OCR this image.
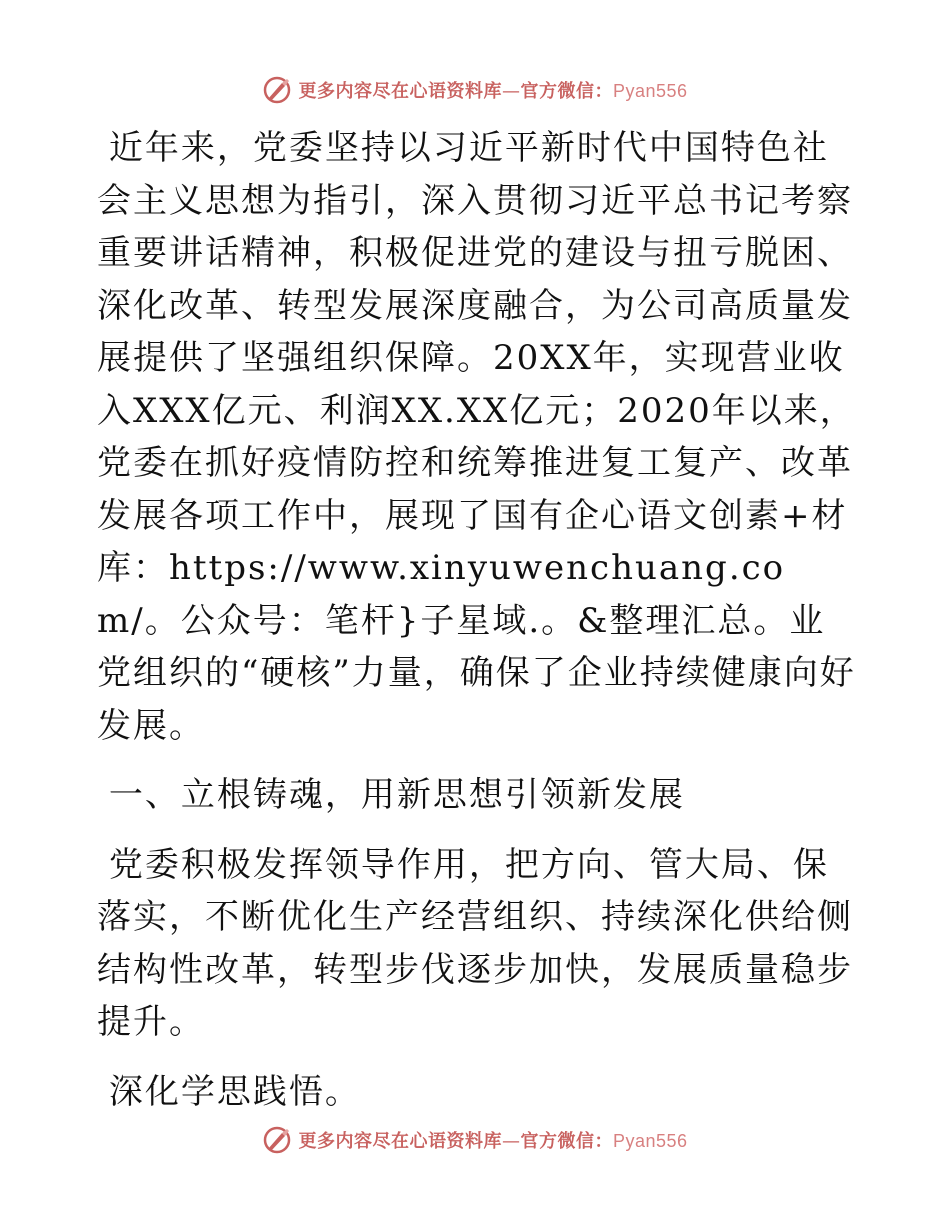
更多内容尽在心语资料库—官方微信：Pyan556

近年来，党委坚持以习近平新时代中国特色社会主义思想为指引，深入贯彻习近平总书记考察重要讲话精神，积极促进党的建设与扭亏脱困、深化改革、转型发展深度融合，为公司高质量发展提供了坚强组织保障。20XX年，实现营业收入XXX亿元、利润XX.XX亿元；2020年以来，党委在抓好疫情防控和统筹推进复工复产、改革发展各项工作中，展现了国有企心语文创素+材库：https://www.xinyuwenchuang.com/。公众号：笔杆}子星域.。&整理汇总。业党组织的“硬核”力量，确保了企业持续健康向好发展。

一、立根铸魂，用新思想引领新发展

党委积极发挥领导作用，把方向、管大局、保落实，不断优化生产经营组织、持续深化供给侧结构性改革，转型步伐逐步加快，发展质量稳步提升。

深化学思践悟。

更多内容尽在心语资料库—官方微信：Pyan556
